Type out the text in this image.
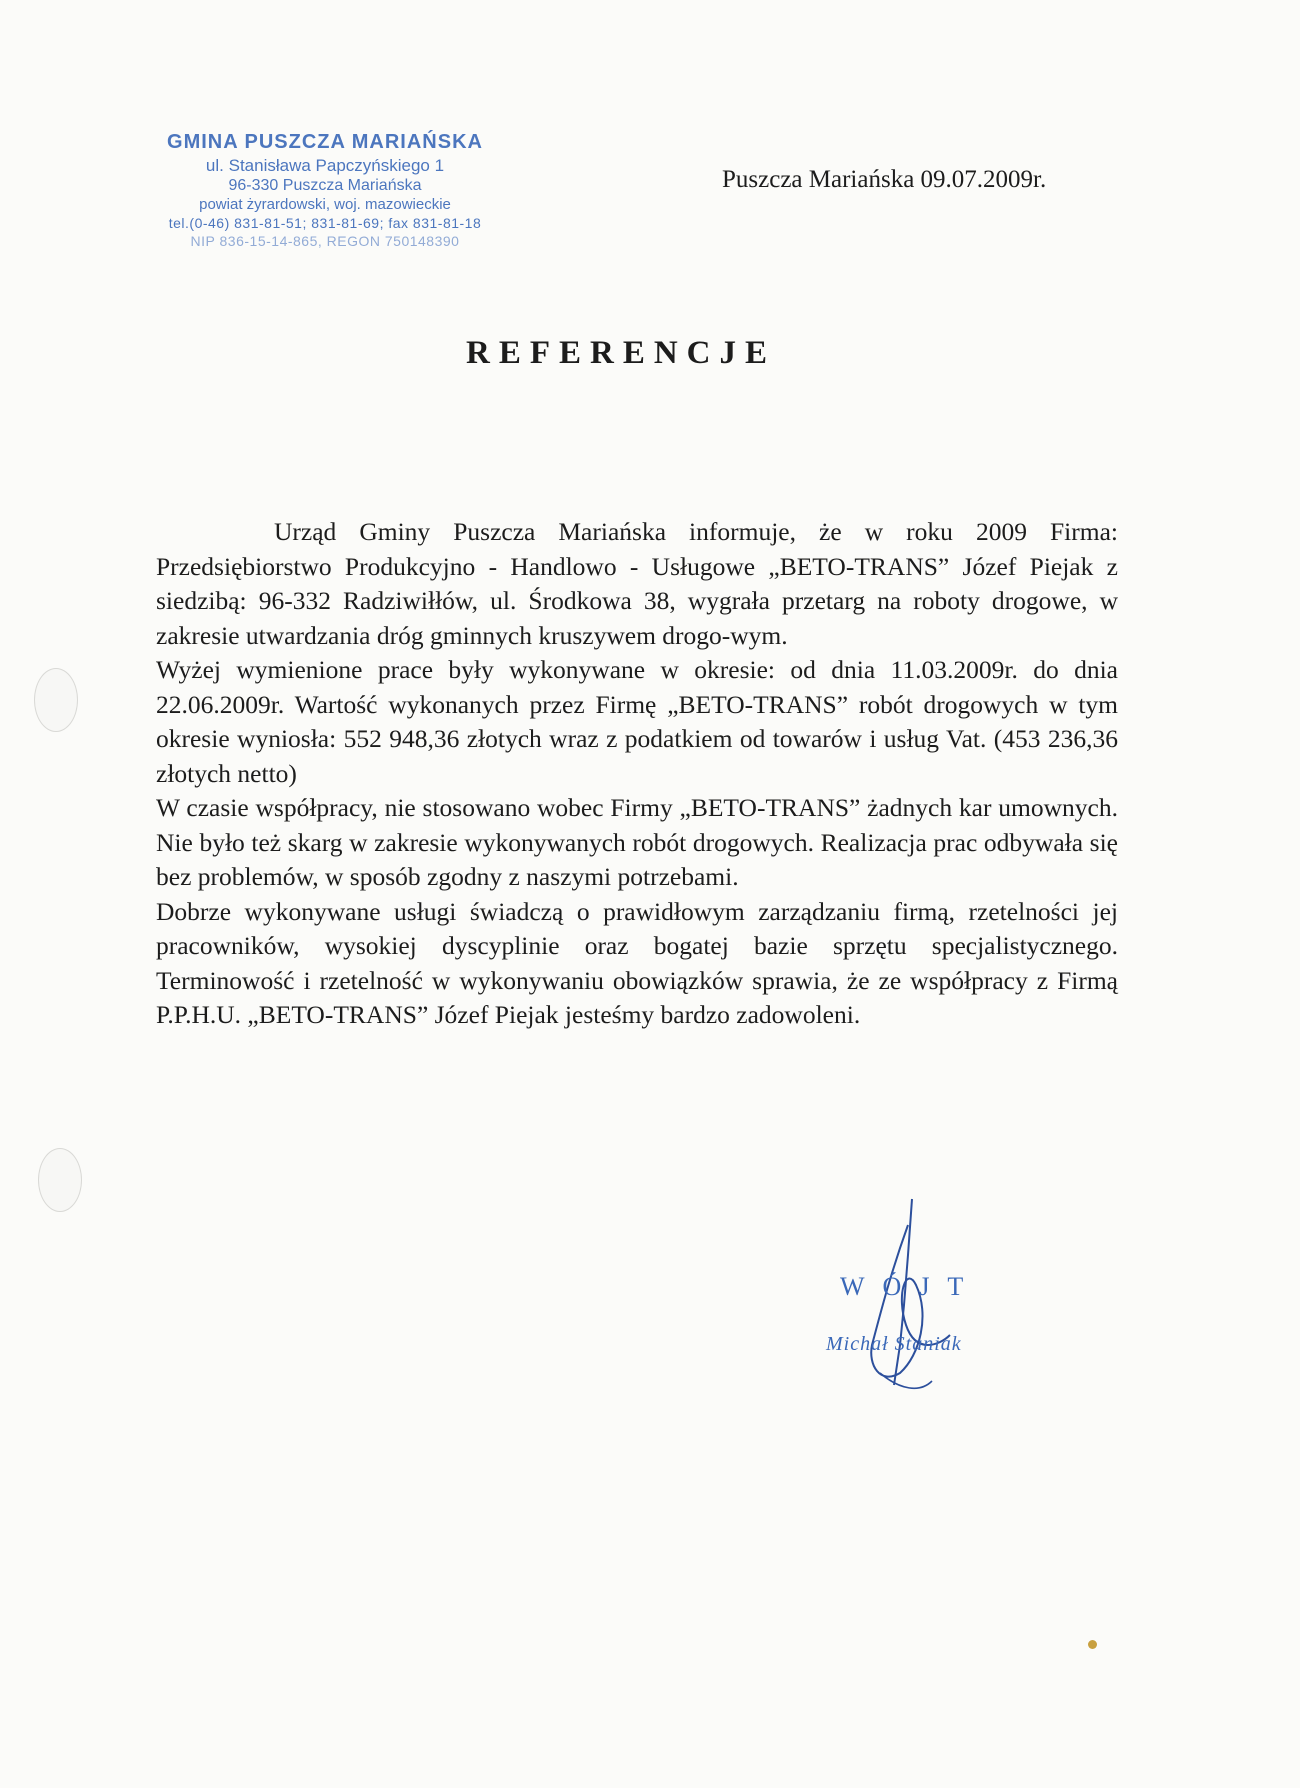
GMINA PUSZCZA MARIAŃSKA
ul. Stanisława Papczyńskiego 1
96-330 Puszcza Mariańska
powiat żyrardowski, woj. mazowieckie
tel.(0-46) 831-81-51; 831-81-69; fax 831-81-18
NIP 836-15-14-865, REGON 750148390
Puszcza Mariańska 09.07.2009r.
REFERENCJE

Urząd Gminy Puszcza Mariańska informuje, że w roku 2009 Firma: Przedsiębiorstwo Produkcyjno - Handlowo - Usługowe „BETO-TRANS” Józef Piejak z siedzibą: 96-332 Radziwiłłów, ul. Środkowa 38, wygrała przetarg na roboty drogowe, w zakresie utwardzania dróg gminnych kruszywem drogo-wym.

Wyżej wymienione prace były wykonywane w okresie: od dnia 11.03.2009r. do dnia 22.06.2009r. Wartość wykonanych przez Firmę „BETO-TRANS” robót drogowych w tym okresie wyniosła: 552 948,36 złotych wraz z podatkiem od towarów i usług Vat. (453 236,36 złotych netto)

W czasie współpracy, nie stosowano wobec Firmy „BETO-TRANS” żadnych kar umownych. Nie było też skarg w zakresie wykonywanych robót drogowych. Realizacja prac odbywała się bez problemów, w sposób zgodny z naszymi potrzebami.

Dobrze wykonywane usługi świadczą o prawidłowym zarządzaniu firmą, rzetelności jej pracowników, wysokiej dyscyplinie oraz bogatej bazie sprzętu specjalistycznego. Terminowość i rzetelność w wykonywaniu obowiązków sprawia, że ze współpracy z Firmą P.P.H.U. „BETO-TRANS” Józef Piejak jesteśmy bardzo zadowoleni.

WÓJT
Michał Staniak
